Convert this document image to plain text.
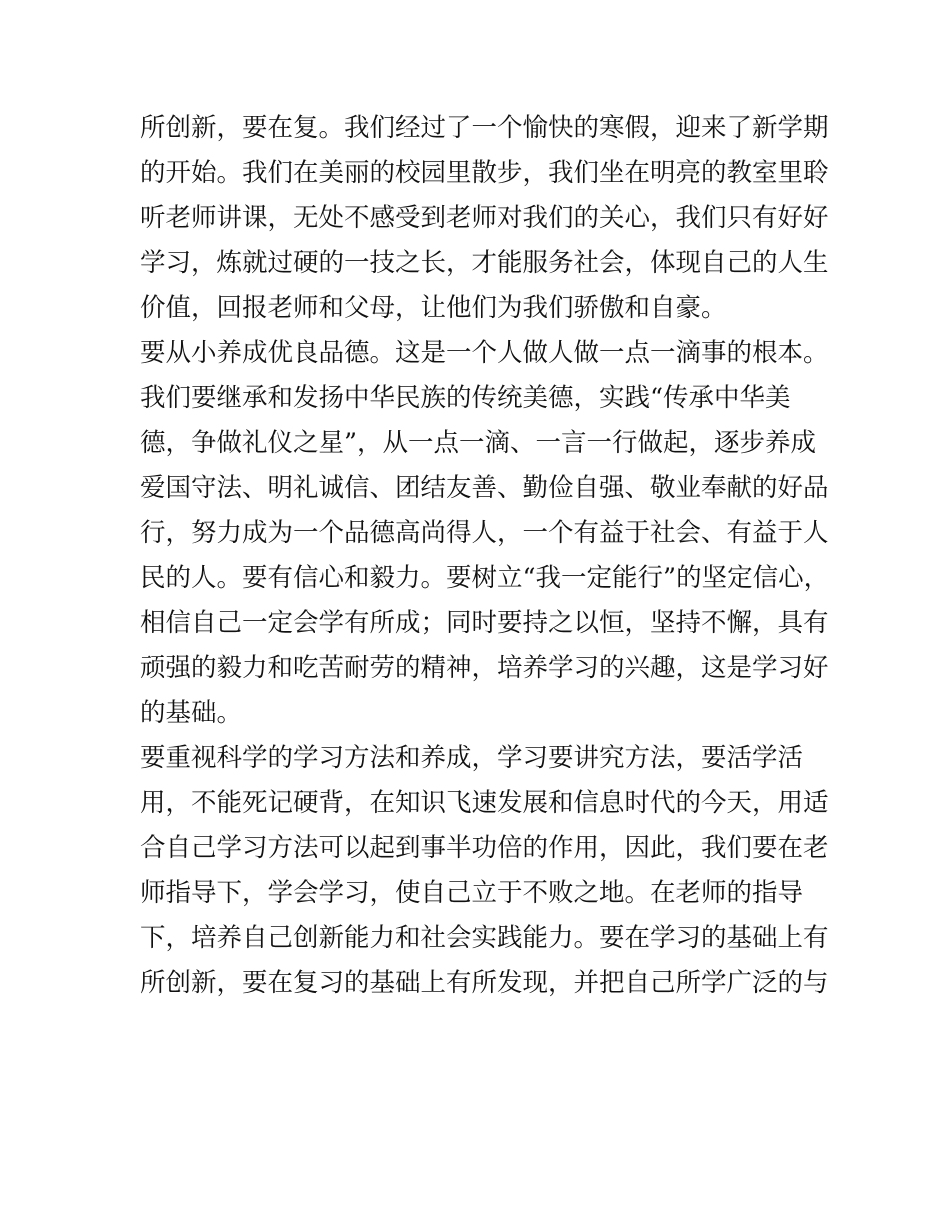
所创新，要在复。我们经过了一个愉快的寒假，迎来了新学期
的开始。我们在美丽的校园里散步，我们坐在明亮的教室里聆
听老师讲课，无处不感受到老师对我们的关心，我们只有好好
学习，炼就过硬的一技之长，才能服务社会，体现自己的人生
价值，回报老师和父母，让他们为我们骄傲和自豪。
要从小养成优良品德。这是一个人做人做一点一滴事的根本。
我们要继承和发扬中华民族的传统美德，实践“传承中华美
德，争做礼仪之星”，从一点一滴、一言一行做起，逐步养成
爱国守法、明礼诚信、团结友善、勤俭自强、敬业奉献的好品
行，努力成为一个品德高尚得人，一个有益于社会、有益于人
民的人。要有信心和毅力。要树立“我一定能行”的坚定信心，
相信自己一定会学有所成；同时要持之以恒，坚持不懈，具有
顽强的毅力和吃苦耐劳的精神，培养学习的兴趣，这是学习好
的基础。
要重视科学的学习方法和养成，学习要讲究方法，要活学活
用，不能死记硬背，在知识飞速发展和信息时代的今天，用适
合自己学习方法可以起到事半功倍的作用，因此，我们要在老
师指导下，学会学习，使自己立于不败之地。在老师的指导
下，培养自己创新能力和社会实践能力。要在学习的基础上有
所创新，要在复习的基础上有所发现，并把自己所学广泛的与
